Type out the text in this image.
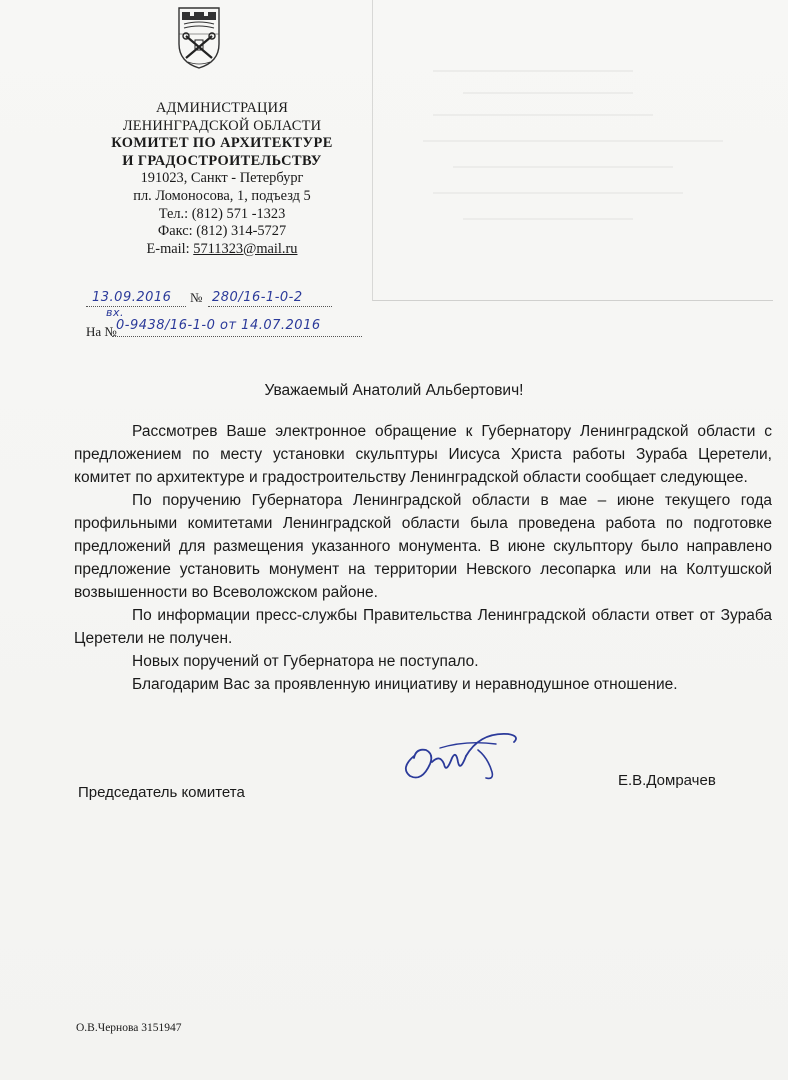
АДМИНИСТРАЦИЯ
ЛЕНИНГРАДСКОЙ ОБЛАСТИ
КОМИТЕТ ПО АРХИТЕКТУРЕ
И ГРАДОСТРОИТЕЛЬСТВУ
191023, Санкт - Петербург
пл. Ломоносова, 1, подъезд 5
Тел.: (812) 571 -1323
Факс: (812) 314-5727
E-mail: 5711323@mail.ru
13.09.2016 № 280/16-1-0-2
вх.
На № 0-9438/16-1-0 от 14.07.2016
Уважаемый Анатолий Альбертович!

Рассмотрев Ваше электронное обращение к Губернатору Ленинградской области с предложением по месту установки скульптуры Иисуса Христа работы Зураба Церетели, комитет по архитектуре и градостроительству Ленинградской области сообщает следующее.

По поручению Губернатора Ленинградской области в мае – июне текущего года профильными комитетами Ленинградской области была проведена работа по подготовке предложений для размещения указанного монумента. В июне скульптору было направлено предложение установить монумент на территории Невского лесопарка или на Колтушской возвышенности во Всеволожском районе.

По информации пресс-службы Правительства Ленинградской области ответ от Зураба Церетели не получен.

Новых поручений от Губернатора не поступало.

Благодарим Вас за проявленную инициативу и неравнодушное отношение.

Председатель комитета
Е.В.Домрачев
О.В.Чернова 3151947
